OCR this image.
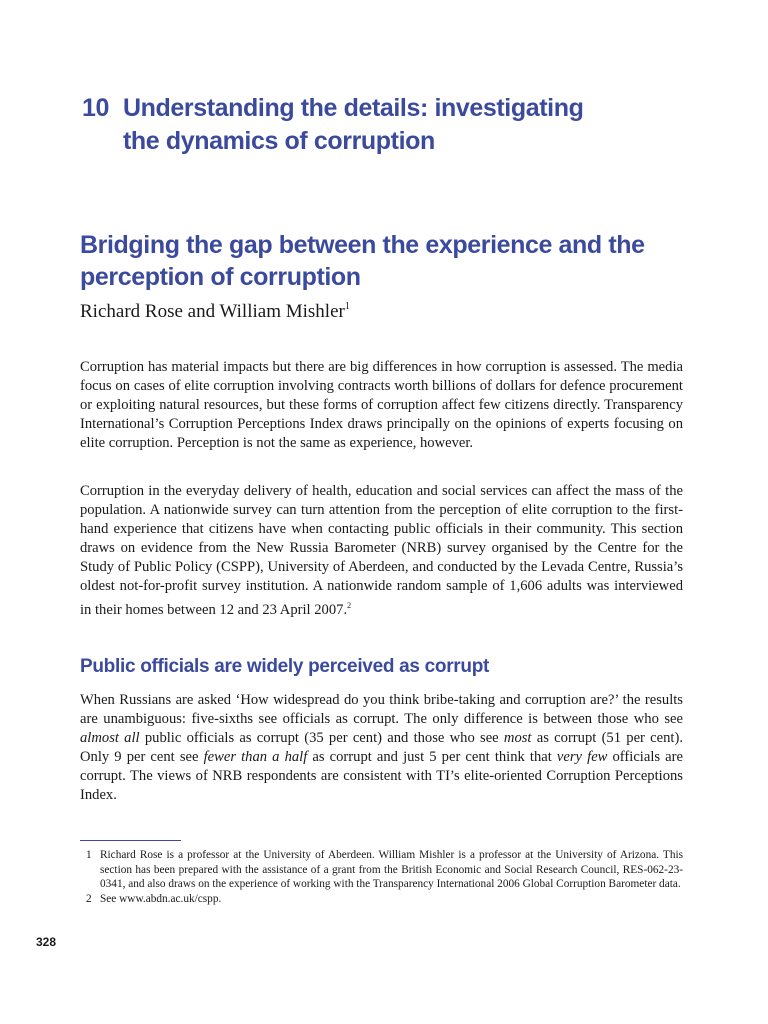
10 Understanding the details: investigating
the dynamics of corruption
Bridging the gap between the experience and the
perception of corruption
Richard Rose and William Mishler$^1$

Corruption has material impacts but there are big differences in how corruption is assessed. The media focus on cases of elite corruption involving contracts worth billions of dollars for defence procurement or exploiting natural resources, but these forms of corruption affect few citizens directly. Transparency International’s Corruption Perceptions Index draws principally on the opinions of experts focusing on elite corruption. Perception is not the same as experience, however.

Corruption in the everyday delivery of health, education and social services can affect the mass of the population. A nationwide survey can turn attention from the perception of elite corruption to the first-hand experience that citizens have when contacting public officials in their community. This section draws on evidence from the New Russia Barometer (NRB) survey organised by the Centre for the Study of Public Policy (CSPP), University of Aberdeen, and conducted by the Levada Centre, Russia’s oldest not-for-profit survey institution. A nationwide random sample of 1,606 adults was interviewed in their homes between 12 and 23 April 2007.$^2$

Public officials are widely perceived as corrupt

When Russians are asked ‘How widespread do you think bribe-taking and corruption are?’ the results are unambiguous: five-sixths see officials as corrupt. The only difference is between those who see almost all public officials as corrupt (35 per cent) and those who see most as corrupt (51 per cent). Only 9 per cent see fewer than a half as corrupt and just 5 per cent think that very few officials are corrupt. The views of NRB respondents are consistent with TI’s elite-oriented Corruption Perceptions Index.

1 Richard Rose is a professor at the University of Aberdeen. William Mishler is a professor at the University of Arizona. This section has been prepared with the assistance of a grant from the British Economic and Social Research Council, RES-062-23-0341, and also draws on the experience of working with the Transparency International 2006 Global Corruption Barometer data.
2 See www.abdn.ac.uk/cspp.
328
